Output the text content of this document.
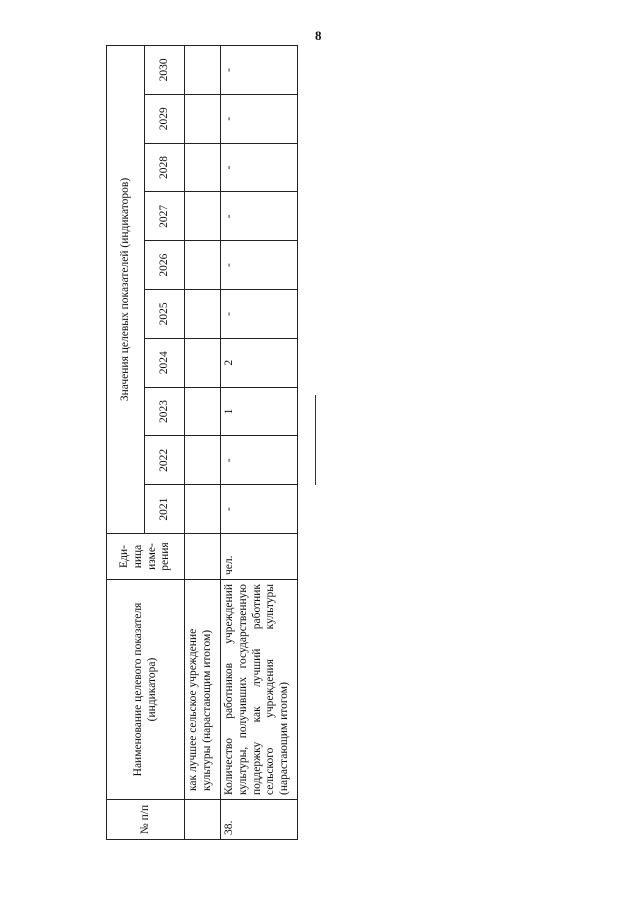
8
№ п/п	Наименование целевого показателя (индикатора)	Еди-ница изме-рения	Значения целевых показателей (индикаторов)									
			2021	2022	2023	2024	2025	2026	2027	2028	2029	2030
	как лучшее сельское учреждение культуры (нарастающим итогом)											
38.	Количество работников учреждений культуры, получивших государственную поддержку как лучший работник сельского учреждения культуры (нарастающим итогом)	чел.	-	-	1	2	-	-	-	-	-	-
